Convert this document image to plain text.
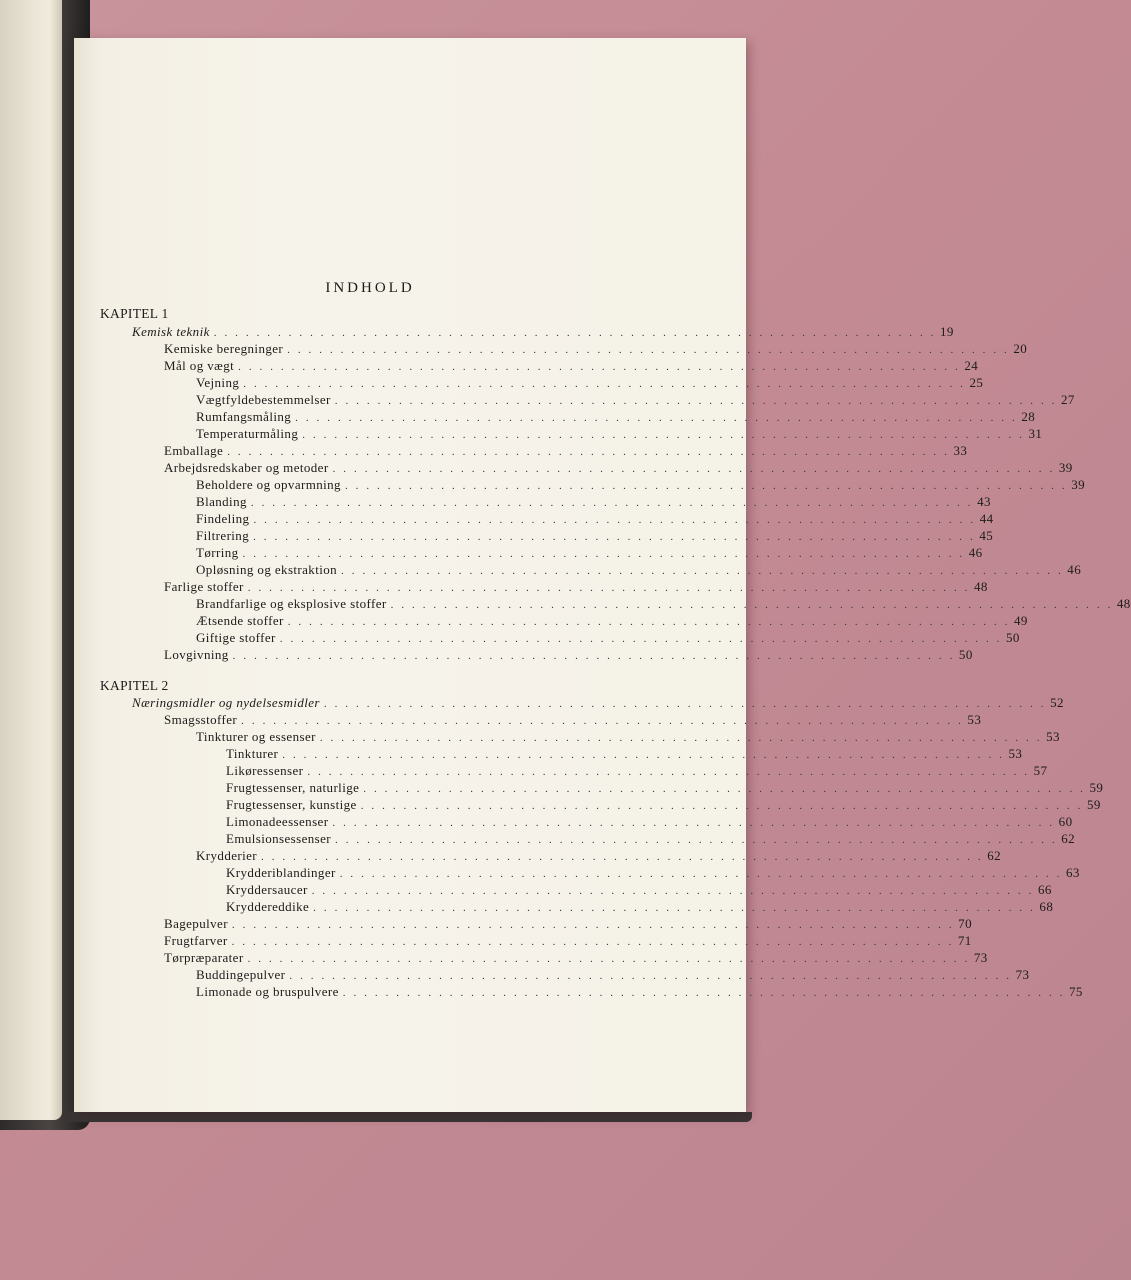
INDHOLD
KAPITEL 1
Kemisk teknik . . . . . . . . . . . . . . . . . . . . . . . . . . . . . . . . . . . . . . . . . . . . . . . . . . . . . . . . . . . . . . . . . . . . 19
Kemiske beregninger . . . . . . . . . . . . . . . . . . . . . . . . . . . . . . . . . . . . . . . . . . . . . . . . . . . . . . . . . . . . . . . . . . . . 20
Mål og vægt . . . . . . . . . . . . . . . . . . . . . . . . . . . . . . . . . . . . . . . . . . . . . . . . . . . . . . . . . . . . . . . . . . . . 24
Vejning . . . . . . . . . . . . . . . . . . . . . . . . . . . . . . . . . . . . . . . . . . . . . . . . . . . . . . . . . . . . . . . . . . . . 25
Vægtfyldebestemmelser . . . . . . . . . . . . . . . . . . . . . . . . . . . . . . . . . . . . . . . . . . . . . . . . . . . . . . . . . . . . . . . . . . . . 27
Rumfangsmåling . . . . . . . . . . . . . . . . . . . . . . . . . . . . . . . . . . . . . . . . . . . . . . . . . . . . . . . . . . . . . . . . . . . . 28
Temperaturmåling . . . . . . . . . . . . . . . . . . . . . . . . . . . . . . . . . . . . . . . . . . . . . . . . . . . . . . . . . . . . . . . . . . . . 31
Emballage . . . . . . . . . . . . . . . . . . . . . . . . . . . . . . . . . . . . . . . . . . . . . . . . . . . . . . . . . . . . . . . . . . . . 33
Arbejdsredskaber og metoder . . . . . . . . . . . . . . . . . . . . . . . . . . . . . . . . . . . . . . . . . . . . . . . . . . . . . . . . . . . . . . . . . . . . 39
Beholdere og opvarmning . . . . . . . . . . . . . . . . . . . . . . . . . . . . . . . . . . . . . . . . . . . . . . . . . . . . . . . . . . . . . . . . . . . . 39
Blanding . . . . . . . . . . . . . . . . . . . . . . . . . . . . . . . . . . . . . . . . . . . . . . . . . . . . . . . . . . . . . . . . . . . . 43
Findeling . . . . . . . . . . . . . . . . . . . . . . . . . . . . . . . . . . . . . . . . . . . . . . . . . . . . . . . . . . . . . . . . . . . . 44
Filtrering . . . . . . . . . . . . . . . . . . . . . . . . . . . . . . . . . . . . . . . . . . . . . . . . . . . . . . . . . . . . . . . . . . . . 45
Tørring . . . . . . . . . . . . . . . . . . . . . . . . . . . . . . . . . . . . . . . . . . . . . . . . . . . . . . . . . . . . . . . . . . . . 46
Opløsning og ekstraktion . . . . . . . . . . . . . . . . . . . . . . . . . . . . . . . . . . . . . . . . . . . . . . . . . . . . . . . . . . . . . . . . . . . . 46
Farlige stoffer . . . . . . . . . . . . . . . . . . . . . . . . . . . . . . . . . . . . . . . . . . . . . . . . . . . . . . . . . . . . . . . . . . . . 48
Brandfarlige og eksplosive stoffer . . . . . . . . . . . . . . . . . . . . . . . . . . . . . . . . . . . . . . . . . . . . . . . . . . . . . . . . . . . . . . . . . . . . 48
Ætsende stoffer . . . . . . . . . . . . . . . . . . . . . . . . . . . . . . . . . . . . . . . . . . . . . . . . . . . . . . . . . . . . . . . . . . . . 49
Giftige stoffer . . . . . . . . . . . . . . . . . . . . . . . . . . . . . . . . . . . . . . . . . . . . . . . . . . . . . . . . . . . . . . . . . . . . 50
Lovgivning . . . . . . . . . . . . . . . . . . . . . . . . . . . . . . . . . . . . . . . . . . . . . . . . . . . . . . . . . . . . . . . . . . . . 50
KAPITEL 2
Næringsmidler og nydelsesmidler . . . . . . . . . . . . . . . . . . . . . . . . . . . . . . . . . . . . . . . . . . . . . . . . . . . . . . . . . . . . . . . . . . . . 52
Smagsstoffer . . . . . . . . . . . . . . . . . . . . . . . . . . . . . . . . . . . . . . . . . . . . . . . . . . . . . . . . . . . . . . . . . . . . 53
Tinkturer og essenser . . . . . . . . . . . . . . . . . . . . . . . . . . . . . . . . . . . . . . . . . . . . . . . . . . . . . . . . . . . . . . . . . . . . 53
Tinkturer . . . . . . . . . . . . . . . . . . . . . . . . . . . . . . . . . . . . . . . . . . . . . . . . . . . . . . . . . . . . . . . . . . . . 53
Likøressenser . . . . . . . . . . . . . . . . . . . . . . . . . . . . . . . . . . . . . . . . . . . . . . . . . . . . . . . . . . . . . . . . . . . . 57
Frugtessenser, naturlige . . . . . . . . . . . . . . . . . . . . . . . . . . . . . . . . . . . . . . . . . . . . . . . . . . . . . . . . . . . . . . . . . . . . 59
Frugtessenser, kunstige . . . . . . . . . . . . . . . . . . . . . . . . . . . . . . . . . . . . . . . . . . . . . . . . . . . . . . . . . . . . . . . . . . . . 59
Limonadeessenser . . . . . . . . . . . . . . . . . . . . . . . . . . . . . . . . . . . . . . . . . . . . . . . . . . . . . . . . . . . . . . . . . . . . 60
Emulsionsessenser . . . . . . . . . . . . . . . . . . . . . . . . . . . . . . . . . . . . . . . . . . . . . . . . . . . . . . . . . . . . . . . . . . . . 62
Krydderier . . . . . . . . . . . . . . . . . . . . . . . . . . . . . . . . . . . . . . . . . . . . . . . . . . . . . . . . . . . . . . . . . . . . 62
Krydderiblandinger . . . . . . . . . . . . . . . . . . . . . . . . . . . . . . . . . . . . . . . . . . . . . . . . . . . . . . . . . . . . . . . . . . . . 63
Kryddersaucer . . . . . . . . . . . . . . . . . . . . . . . . . . . . . . . . . . . . . . . . . . . . . . . . . . . . . . . . . . . . . . . . . . . . 66
Kryddereddike . . . . . . . . . . . . . . . . . . . . . . . . . . . . . . . . . . . . . . . . . . . . . . . . . . . . . . . . . . . . . . . . . . . . 68
Bagepulver . . . . . . . . . . . . . . . . . . . . . . . . . . . . . . . . . . . . . . . . . . . . . . . . . . . . . . . . . . . . . . . . . . . . 70
Frugtfarver . . . . . . . . . . . . . . . . . . . . . . . . . . . . . . . . . . . . . . . . . . . . . . . . . . . . . . . . . . . . . . . . . . . . 71
Tørpræparater . . . . . . . . . . . . . . . . . . . . . . . . . . . . . . . . . . . . . . . . . . . . . . . . . . . . . . . . . . . . . . . . . . . . 73
Buddingepulver . . . . . . . . . . . . . . . . . . . . . . . . . . . . . . . . . . . . . . . . . . . . . . . . . . . . . . . . . . . . . . . . . . . . 73
Limonade og bruspulvere . . . . . . . . . . . . . . . . . . . . . . . . . . . . . . . . . . . . . . . . . . . . . . . . . . . . . . . . . . . . . . . . . . . . 75
